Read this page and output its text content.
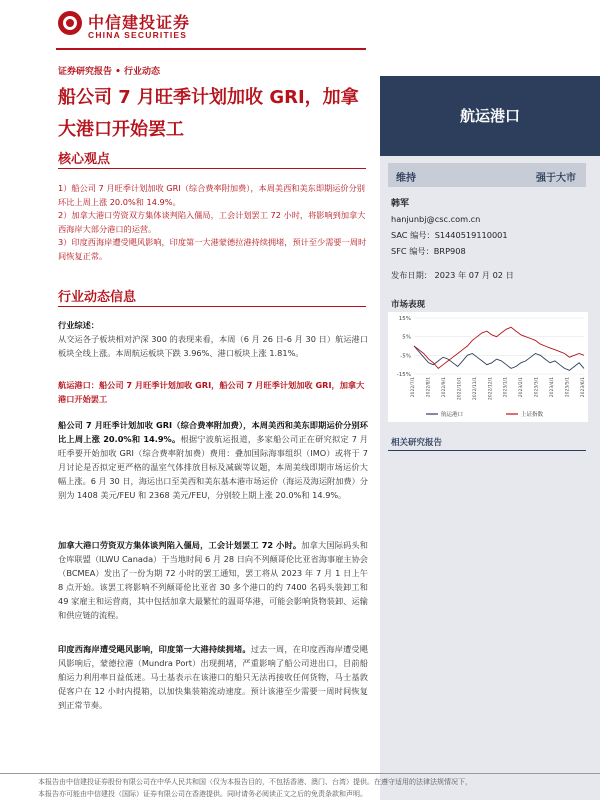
中信建投证券
CHINA SECURITIES
证券研究报告 • 行业动态
船公司 7 月旺季计划加收 GRI，加拿大港口开始罢工
核心观点
1）船公司 7 月旺季计划加收 GRI（综合费率附加费），本周美西和美东即期运价分别环比上周上涨 20.0%和 14.9%。
2）加拿大港口劳资双方集体谈判陷入僵局，工会计划罢工 72 小时，将影响到加拿大西海岸大部分港口的运营。
3）印度西海岸遭受飓风影响，印度第一大港蒙德拉港持续拥堵，预计至少需要一周时间恢复正常。
行业动态信息
行业综述：
从交运各子板块相对沪深 300 的表现来看，本周（6 月 26 日-6 月 30 日）航运港口板块全线上涨。本周航运板块下跌 3.96%、港口板块上涨 1.81%。
航运港口：船公司 7 月旺季计划加收 GRI，船公司 7 月旺季计划加收 GRI，加拿大港口开始罢工
船公司 7 月旺季计划加收 GRI（综合费率附加费），本周美西和美东即期运价分别环比上周上涨 20.0%和 14.9%。根据宁波航运报道，多家船公司正在研究拟定 7 月旺季要开始加收 GRI（综合费率附加费）费用：叠加国际海事组织（IMO）或将于 7 月讨论是否拟定更严格的温室气体排放目标及减碳等议题，本周美线即期市场运价大幅上涨。6 月 30 日，海运出口至美西和美东基本港市场运价（海运及海运附加费）分别为 1408 美元/FEU 和 2368 美元/FEU，分别较上期上涨 20.0%和 14.9%。
加拿大港口劳资双方集体谈判陷入僵局，工会计划罢工 72 小时。加拿大国际码头和仓库联盟（ILWU Canada）于当地时间 6 月 28 日向不列颠哥伦比亚省海事雇主协会（BCMEA）发出了一份为期 72 小时的罢工通知，罢工将从 2023 年 7 月 1 日上午 8 点开始。该罢工将影响不列颠哥伦比亚省 30 多个港口的约 7400 名码头装卸工和 49 家雇主和运营商，其中包括加拿大最繁忙的温哥华港，可能会影响货物装卸、运输和供应链的流程。
印度西海岸遭受飓风影响，印度第一大港持续拥堵。过去一周，在印度西海岸遭受飓风影响后，蒙德拉港（Mundra Port）出现拥堵，严重影响了船公司进出口，目前船舶运力利用率日益低迷。马士基表示在该港口的船只无法再接收任何货物，马士基敦促客户在 12 小时内提箱，以加快集装箱流动速度。预计该港至少需要一周时间恢复到正常节奏。
航运港口
维持	强于大市
韩军
hanjunbj@csc.com.cn
SAC 编号：S1440519110001
SFC 编号：BRP908
发布日期： 2023 年 07 月 02 日
市场表现
15%
5%
-5%
-15%
2022/7/1 2022/8/1 2022/9/1 2022/10/1 2022/11/1 2022/12/1 2023/1/1 2023/2/1 2023/3/1 2023/4/1 2023/5/1 2023/6/1
航运港口	上证指数
相关研究报告
本报告由中信建投证券股份有限公司在中华人民共和国（仅为本报告目的，不包括香港、澳门、台湾）提供。在遵守适用的法律法规情况下，
本报告亦可能由中信建投（国际）证券有限公司在香港提供。同时请务必阅读正文之后的免责条款和声明。
